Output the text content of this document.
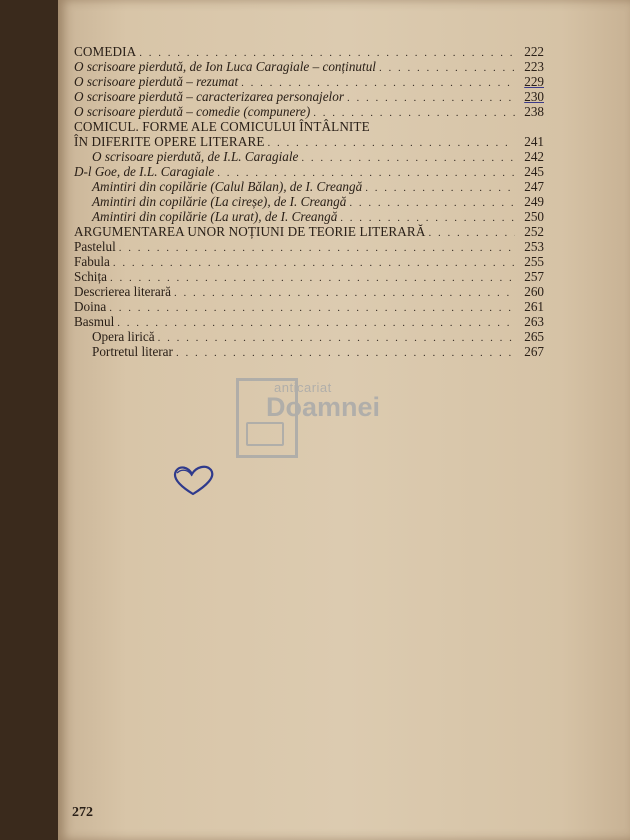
COMEDIA . . .	222
O scrisoare pierdută, de Ion Luca Caragiale – conținutul . . .	223
O scrisoare pierdută – rezumat . . .	229
O scrisoare pierdută – caracterizarea personajelor . . .	230
O scrisoare pierdută – comedie (compunere) . . .	238
COMICUL. FORME ALE COMICULUI ÎNTÂLNITE
ÎN DIFERITE OPERE LITERARE . . .	241
O scrisoare pierdută, de I.L. Caragiale . . .	242
D-l Goe, de I.L. Caragiale . . .	245
Amintiri din copilărie (Calul Bălan), de I. Creangă . . .	247
Amintiri din copilărie (La cireșe), de I. Creangă . . .	249
Amintiri din copilărie (La urat), de I. Creangă . . .	250
ARGUMENTAREA UNOR NOȚIUNI DE TEORIE LITERARĂ . . .	252
Pastelul . . .	253
Fabula . . .	255
Schița . . .	257
Descrierea literară . . .	260
Doina . . .	261
Basmul . . .	263
Opera lirică . . .	265
Portretul literar . . .	267
anticariat
Doamnei
272
